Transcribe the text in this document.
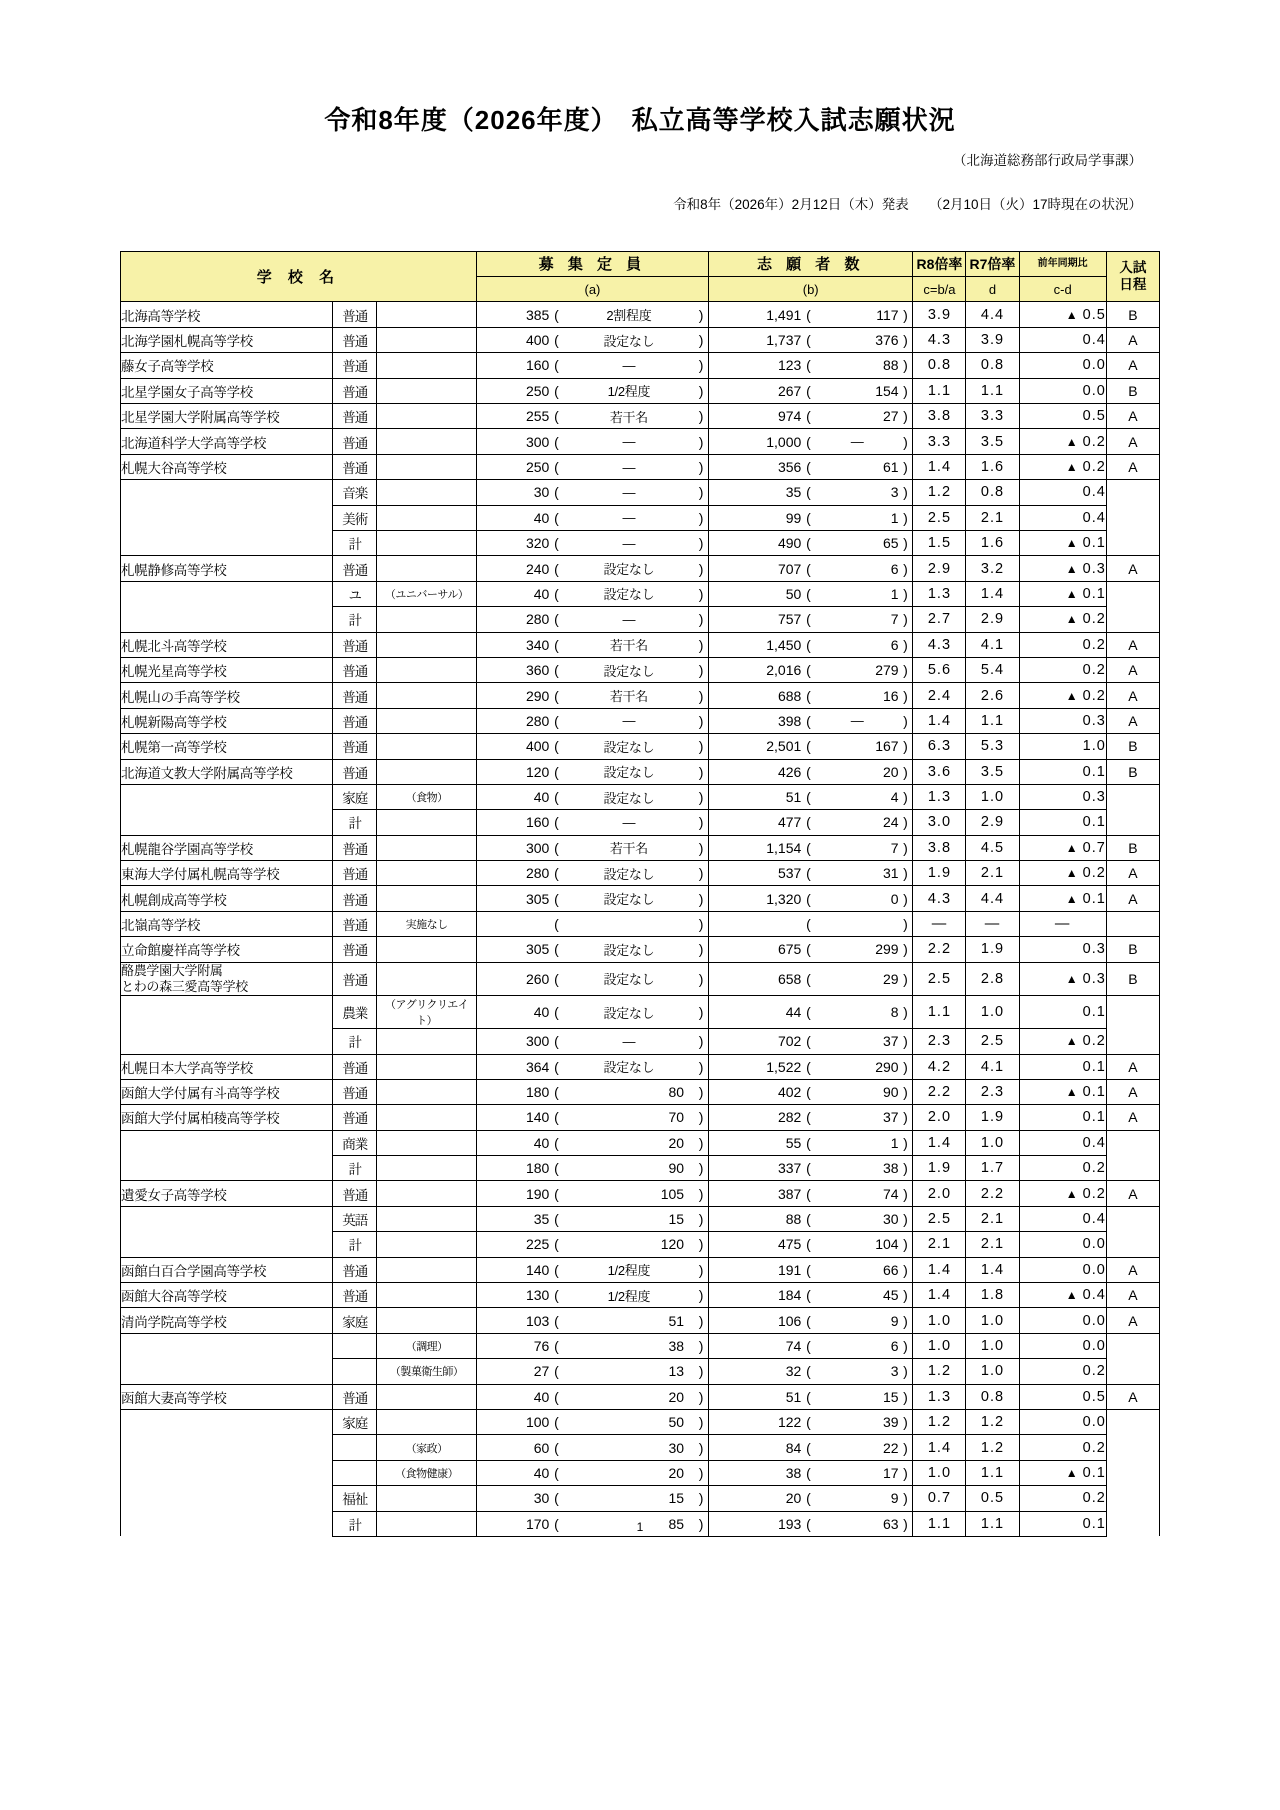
令和8年度（2026年度）　私立高等学校入試志願状況
（北海道総務部行政局学事課）

令和8年（2026年）2月12日（木）発表　　（2月10日（火）17時現在の状況）

学 校 名			募 集 定 員				志 願 者 数				R8倍率	R7倍率	前年同期比	入試
日程
			(a)				(b)				c=b/a	d	c-d	
北海高等学校	普通		385	(	2割程度	)	1,491	(	117	)	3.9	4.4	▲ 0.5	B
北海学園札幌高等学校	普通		400	(	設定なし	)	1,737	(	376	)	4.3	3.9	0.4	A
藤女子高等学校	普通		160	(	—	)	123	(	88	)	0.8	0.8	0.0	A
北星学園女子高等学校	普通		250	(	1/2程度	)	267	(	154	)	1.1	1.1	0.0	B
北星学園大学附属高等学校	普通		255	(	若干名	)	974	(	27	)	3.8	3.3	0.5	A
北海道科学大学高等学校	普通		300	(	—	)	1,000	(	—	)	3.3	3.5	▲ 0.2	A
札幌大谷高等学校	普通		250	(	—	)	356	(	61	)	1.4	1.6	▲ 0.2	A
	音楽		30	(	—	)	35	(	3	)	1.2	0.8	0.4	
	美術		40	(	—	)	99	(	1	)	2.5	2.1	0.4	
	計		320	(	—	)	490	(	65	)	1.5	1.6	▲ 0.1	
札幌静修高等学校	普通		240	(	設定なし	)	707	(	6	)	2.9	3.2	▲ 0.3	A
	ユ	（ユニバーサル）	40	(	設定なし	)	50	(	1	)	1.3	1.4	▲ 0.1	
	計		280	(	—	)	757	(	7	)	2.7	2.9	▲ 0.2	
札幌北斗高等学校	普通		340	(	若干名	)	1,450	(	6	)	4.3	4.1	0.2	A
札幌光星高等学校	普通		360	(	設定なし	)	2,016	(	279	)	5.6	5.4	0.2	A
札幌山の手高等学校	普通		290	(	若干名	)	688	(	16	)	2.4	2.6	▲ 0.2	A
札幌新陽高等学校	普通		280	(	—	)	398	(	—	)	1.4	1.1	0.3	A
札幌第一高等学校	普通		400	(	設定なし	)	2,501	(	167	)	6.3	5.3	1.0	B
北海道文教大学附属高等学校	普通		120	(	設定なし	)	426	(	20	)	3.6	3.5	0.1	B
	家庭	（食物）	40	(	設定なし	)	51	(	4	)	1.3	1.0	0.3	
	計		160	(	—	)	477	(	24	)	3.0	2.9	0.1	
札幌龍谷学園高等学校	普通		300	(	若干名	)	1,154	(	7	)	3.8	4.5	▲ 0.7	B
東海大学付属札幌高等学校	普通		280	(	設定なし	)	537	(	31	)	1.9	2.1	▲ 0.2	A
札幌創成高等学校	普通		305	(	設定なし	)	1,320	(	0	)	4.3	4.4	▲ 0.1	A
北嶺高等学校	普通	実施なし		(		)		(		)	—	—	—	
立命館慶祥高等学校	普通		305	(	設定なし	)	675	(	299	)	2.2	1.9	0.3	B
酪農学園大学附属
とわの森三愛高等学校	普通		260	(	設定なし	)	658	(	29	)	2.5	2.8	▲ 0.3	B
	農業	（アグリクリエイト）	40	(	設定なし	)	44	(	8	)	1.1	1.0	0.1	
	計		300	(	—	)	702	(	37	)	2.3	2.5	▲ 0.2	
札幌日本大学高等学校	普通		364	(	設定なし	)	1,522	(	290	)	4.2	4.1	0.1	A
函館大学付属有斗高等学校	普通		180	(	80	)	402	(	90	)	2.2	2.3	▲ 0.1	A
函館大学付属柏稜高等学校	普通		140	(	70	)	282	(	37	)	2.0	1.9	0.1	A
	商業		40	(	20	)	55	(	1	)	1.4	1.0	0.4	
	計		180	(	90	)	337	(	38	)	1.9	1.7	0.2	
遺愛女子高等学校	普通		190	(	105	)	387	(	74	)	2.0	2.2	▲ 0.2	A
	英語		35	(	15	)	88	(	30	)	2.5	2.1	0.4	
	計		225	(	120	)	475	(	104	)	2.1	2.1	0.0	
函館白百合学園高等学校	普通		140	(	1/2程度	)	191	(	66	)	1.4	1.4	0.0	A
函館大谷高等学校	普通		130	(	1/2程度	)	184	(	45	)	1.4	1.8	▲ 0.4	A
清尚学院高等学校	家庭		103	(	51	)	106	(	9	)	1.0	1.0	0.0	A
		（調理）	76	(	38	)	74	(	6	)	1.0	1.0	0.0	
		（製菓衛生師）	27	(	13	)	32	(	3	)	1.2	1.0	0.2	
函館大妻高等学校	普通		40	(	20	)	51	(	15	)	1.3	0.8	0.5	A
	家庭		100	(	50	)	122	(	39	)	1.2	1.2	0.0	
		（家政）	60	(	30	)	84	(	22	)	1.4	1.2	0.2	
		（食物健康）	40	(	20	)	38	(	17	)	1.0	1.1	▲ 0.1	
	福祉		30	(	15	)	20	(	9	)	0.7	0.5	0.2	
	計		170	(	85	)	193	(	63	)	1.1	1.1	0.1	
1
